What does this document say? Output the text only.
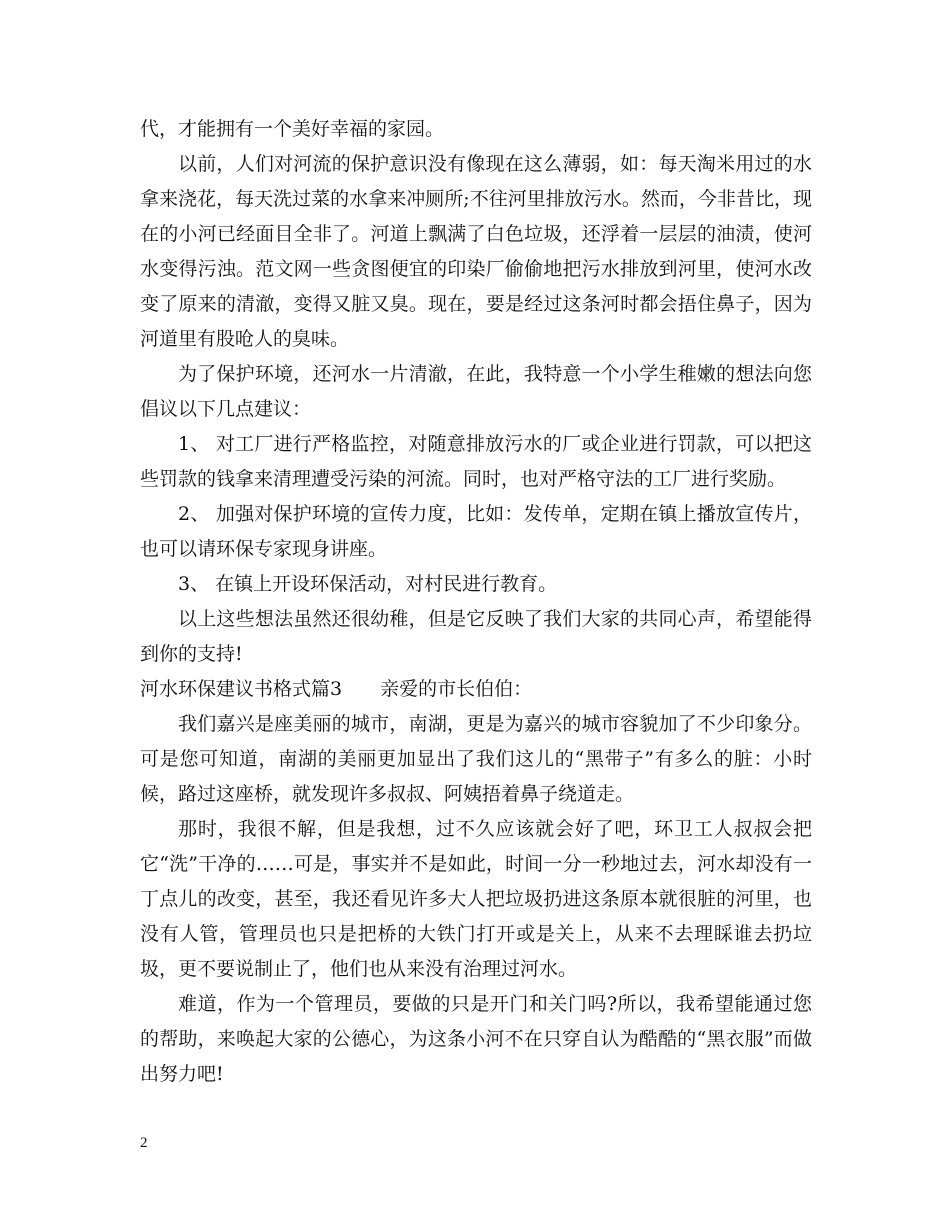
代，才能拥有一个美好幸福的家园。

以前，人们对河流的保护意识没有像现在这么薄弱，如：每天淘米用过的水拿来浇花，每天洗过菜的水拿来冲厕所;不往河里排放污水。然而，今非昔比，现在的小河已经面目全非了。河道上飘满了白色垃圾，还浮着一层层的油渍，使河水变得污浊。范文网一些贪图便宜的印染厂偷偷地把污水排放到河里，使河水改变了原来的清澈，变得又脏又臭。现在，要是经过这条河时都会捂住鼻子，因为河道里有股呛人的臭味。

为了保护环境，还河水一片清澈，在此，我特意一个小学生稚嫩的想法向您倡议以下几点建议：

1、 对工厂进行严格监控，对随意排放污水的厂或企业进行罚款，可以把这些罚款的钱拿来清理遭受污染的河流。同时，也对严格守法的工厂进行奖励。

2、 加强对保护环境的宣传力度，比如：发传单，定期在镇上播放宣传片，也可以请环保专家现身讲座。

3、 在镇上开设环保活动，对村民进行教育。

以上这些想法虽然还很幼稚，但是它反映了我们大家的共同心声，希望能得到你的支持!

河水环保建议书格式篇3　　亲爱的市长伯伯：

我们嘉兴是座美丽的城市，南湖，更是为嘉兴的城市容貌加了不少印象分。可是您可知道，南湖的美丽更加显出了我们这儿的“黑带子”有多么的脏：小时候，路过这座桥，就发现许多叔叔、阿姨捂着鼻子绕道走。

那时，我很不解，但是我想，过不久应该就会好了吧，环卫工人叔叔会把它“洗”干净的……可是，事实并不是如此，时间一分一秒地过去，河水却没有一丁点儿的改变，甚至，我还看见许多大人把垃圾扔进这条原本就很脏的河里，也没有人管，管理员也只是把桥的大铁门打开或是关上，从来不去理睬谁去扔垃圾，更不要说制止了，他们也从来没有治理过河水。

难道，作为一个管理员，要做的只是开门和关门吗?所以，我希望能通过您的帮助，来唤起大家的公德心，为这条小河不在只穿自认为酷酷的“黑衣服”而做出努力吧!

2
